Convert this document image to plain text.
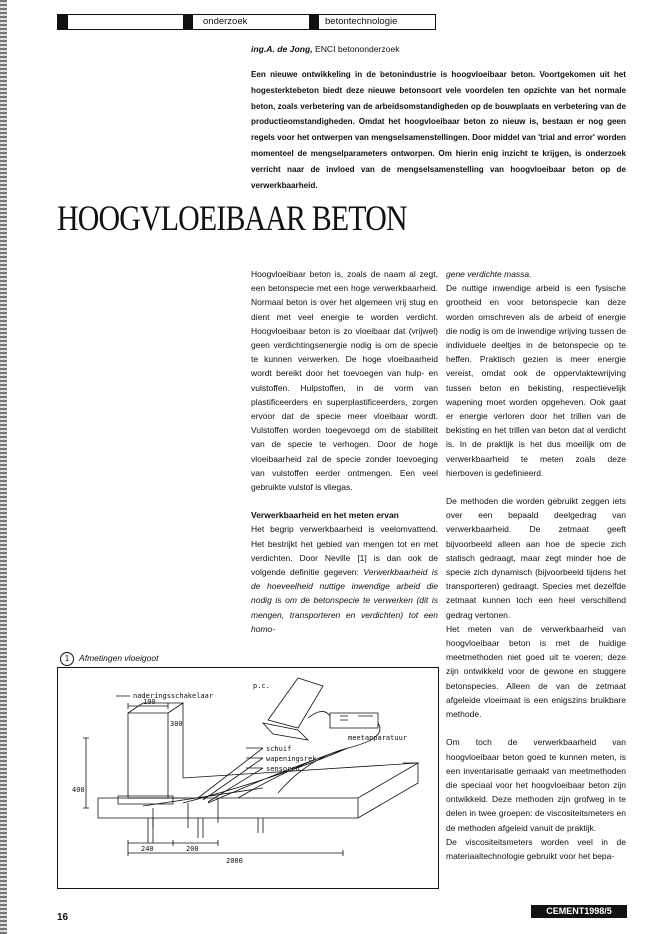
onderzoek	betontechnologie
ing.A. de Jong, ENCI betononderzoek
Een nieuwe ontwikkeling in de betonindustrie is hoogvloeibaar beton. Voortgekomen uit het hogesterktebeton biedt deze nieuwe betonsoort vele voordelen ten opzichte van het normale beton, zoals verbetering van de arbeidsomstandigheden op de bouwplaats en verbetering van de productieomstandigheden. Omdat het hoogvloeibaar beton zo nieuw is, bestaan er nog geen regels voor het ontwerpen van mengselsamenstellingen. Door middel van 'trial and error' worden momenteel de mengselparameters ontworpen. Om hierin enig inzicht te krijgen, is onderzoek verricht naar de invloed van de mengselsamenstelling van hoogvloeibaar beton op de verwerkbaarheid.
HOOGVLOEIBAAR BETON

Hoogvloeibaar beton is, zoals de naam al zegt, een betonspecie met een hoge verwerkbaarheid. Normaal beton is over het algemeen vrij stug en dient met veel energie te worden verdicht. Hoogvloeibaar beton is zo vloeibaar dat (vrijwel) geen verdichtingsenergie nodig is om de specie te kunnen verwerken. De hoge vloeibaarheid wordt bereikt door het toevoegen van hulp- en vulstoffen. Hulpstoffen, in de vorm van plastificeerders en superplastificeerders, zorgen ervoor dat de specie meer vloeibaar wordt. Vulstoffen worden toegevoegd om de stabiliteit van de specie te verhogen. Door de hoge vloeibaarheid zal de specie zonder toevoeging van vulstoffen eerder ontmengen. Een veel gebruikte vulstof is vliegas.

Verwerkbaarheid en het meten ervan

Het begrip verwerkbaarheid is veelomvattend. Het bestrijkt het gebied van mengen tot en met verdichten. Door Neville [1] is dan ook de volgende definitie gegeven: Verwerkbaarheid is de hoeveelheid nuttige inwendige arbeid die nodig is om de betonspecie te verwerken (dit is mengen, transporteren en verdichten) tot een homo-

gene verdichte massa.

De nuttige inwendige arbeid is een fysische grootheid en voor betonspecie kan deze worden omschreven als de arbeid of energie die nodig is om de inwendige wrijving tussen de individuele deeltjes in de betonspecie op te heffen. Praktisch gezien is meer energie vereist, omdat ook de oppervlaktewrijving tussen beton en bekisting, respectievelijk wapening moet worden opgeheven. Ook gaat er energie verloren door het trillen van de bekisting en het trillen van beton dat al verdicht is. In de praktijk is het dus moeilijk om de verwerkbaarheid te meten zoals deze hierboven is gedefinieerd.

De methoden die worden gebruikt zeggen iets over een bepaald deelgedrag van verwerkbaarheid. De zetmaat geeft bijvoorbeeld alleen aan hoe de specie zich statisch gedraagt, maar zegt minder hoe de specie zich dynamisch (bijvoorbeeld tijdens het transporteren) gedraagt. Species met dezelfde zetmaat kunnen toch een heel verschillend gedrag vertonen.

Het meten van de verwerkbaarheid van hoogvloeibaar beton is met de huidige meetmethoden niet goed uit te voeren; deze zijn ontwikkeld voor de gewone en stuggere betonspecies. Alleen de van de zetmaat afgeleide vloeimaat is een enigszins bruikbare methode.

Om toch de verwerkbaarheid van hoogvloeibaar beton goed te kunnen meten, is een inventarisatie gemaakt van meetmethoden die speciaal voor het hoogvloeibaar beton zijn ontwikkeld. Deze methoden zijn grofweg in te delen in twee groepen: de viscositeitsmeters en de methoden afgeleid vanuit de praktijk.

De viscositeitsmeters worden veel in de materiaaltechnologie gebruikt voor het bepa-

1 Afmetingen vloeigoot
naderingsschakelaar
p.c.
meetapparatuur
schuif
wapeningsrek
sensoren
100
300
400
240	200
2000
16
CEMENT1998/5
